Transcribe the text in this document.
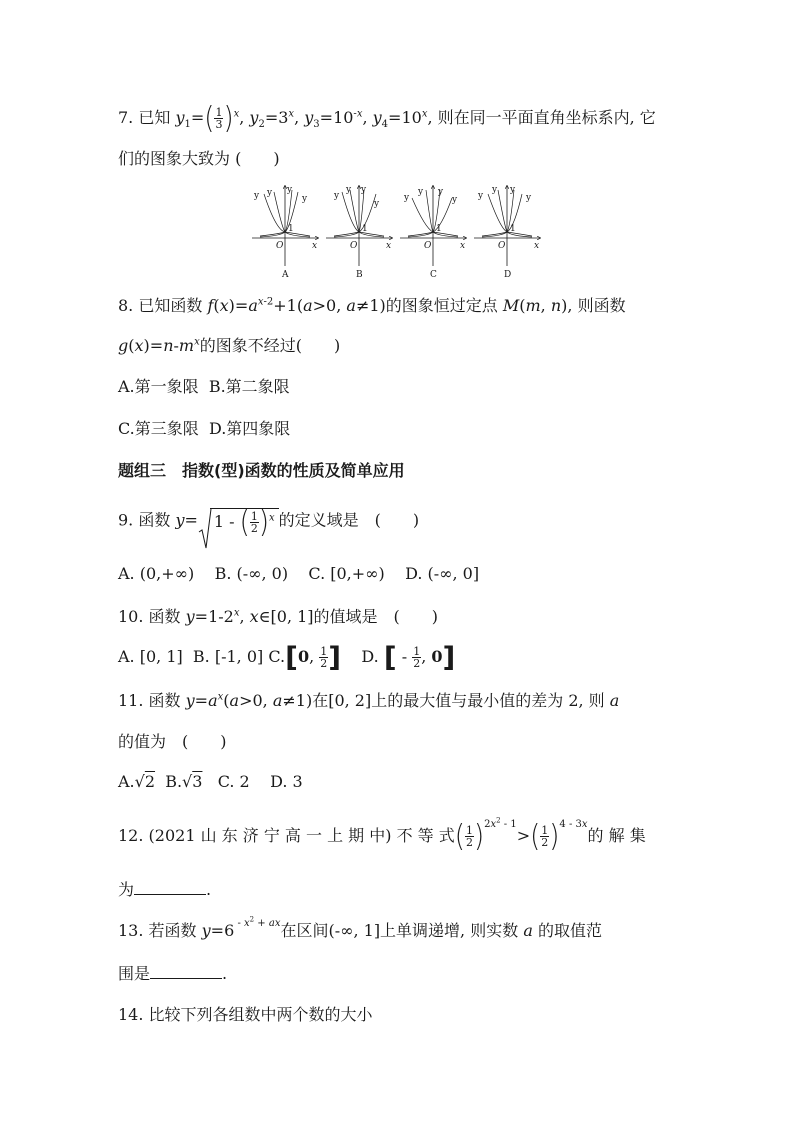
7. 已知 $y_1=( \frac{1}{3} )^x$, $y_2=3^x$, $y_3=10^{-x}$, $y_4=10^x$, 则在同一平面直角坐标系内, 它
们的图象大致为 (　　)
y y y
y
O	x
1
A
y
y y
y
O	x
1
B
y
y y
y
O	x
1
C
y
y y
y
O	x
1
D
8. 已知函数 $f(x)=a^{x-2}+1(a>0$, a≠1)的图象恒过定点 M(m, n), 则函数
$g(x)=n-m^x$的图象不经过(　　)
A.第一象限 B.第二象限
C.第三象限 D.第四象限
题组三　指数(型)函数的性质及简单应用
9. 函数 y= 1 - ( $\frac{1}{2} )^x$ 的定义域是　(　　)
A. (0,+∞) B. (-∞, 0) C. [0,+∞) D. (-∞, 0]
10. 函数 $y=1-2^x$, x∈[0, 1]的值域是　(　　)
A. [0, 1] B. [-1, 0] C.[0, $\frac{1}{2}$ ] D. [ - $\frac{1}{2}$ , 0]
11. 函数 $y=a^x(a>0$, a≠1)在[0, 2]上的最大值与最小值的差为 2, 则 a
的值为　(　　)
A.√2 B.√3 C. 2 D. 3
12. (2021 山 东 济 宁 高 一 上 期 中) 不 等 式( $\frac{1}{2} )^{2x^2 - 1}>( \frac{1}{2} )^{4 - 3x}$的 解 集
为	.
13. 若函数 y=6 $^{- x^2 + ax}$在区间(-∞, 1]上单调递增, 则实数 a 的取值范
围是	.
14. 比较下列各组数中两个数的大小
